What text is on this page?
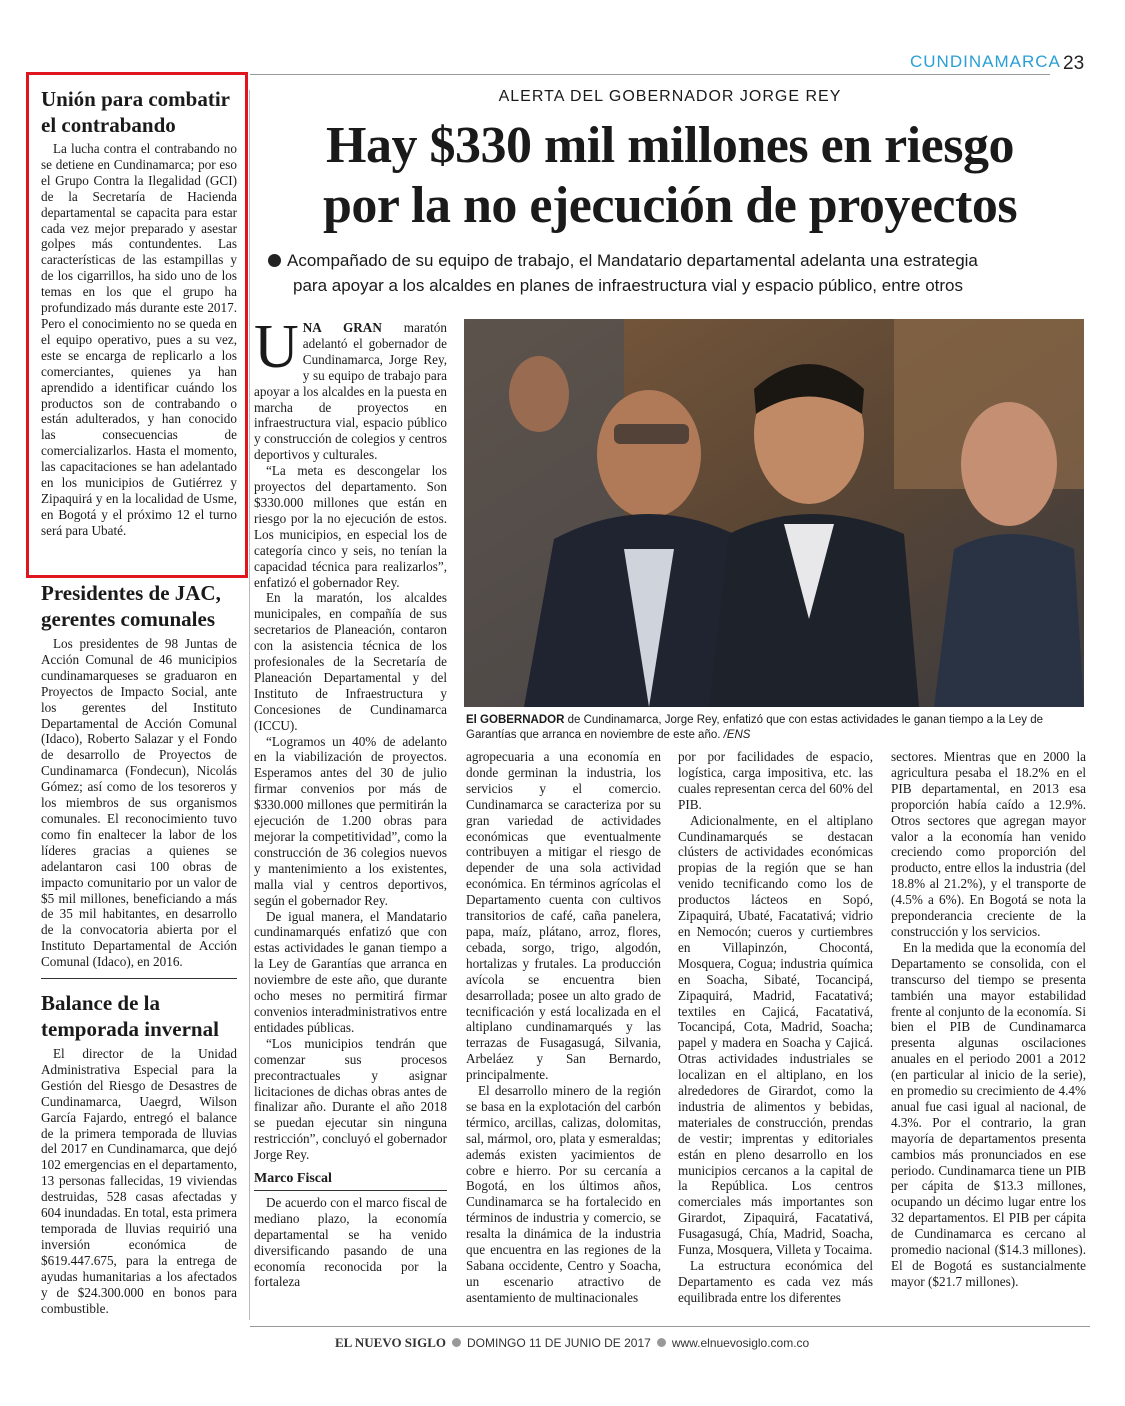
CUNDINAMARCA 23
Unión para combatir el contrabando

La lucha contra el contrabando no se detiene en Cundinamarca; por eso el Grupo Contra la Ilegalidad (GCI) de la Secretaría de Hacienda departamental se capacita para estar cada vez mejor preparado y asestar golpes más contundentes. Las características de las estampillas y de los cigarrillos, ha sido uno de los temas en los que el grupo ha profundizado más durante este 2017. Pero el conocimiento no se queda en el equipo operativo, pues a su vez, este se encarga de replicarlo a los comerciantes, quienes ya han aprendido a identificar cuándo los productos son de contrabando o están adulterados, y han conocido las consecuencias de comercializarlos. Hasta el momento, las capacitaciones se han adelantado en los municipios de Gutiérrez y Zipaquirá y en la localidad de Usme, en Bogotá y el próximo 12 el turno será para Ubaté.

Presidentes de JAC, gerentes comunales

Los presidentes de 98 Juntas de Acción Comunal de 46 municipios cundinamarqueses se graduaron en Proyectos de Impacto Social, ante los gerentes del Instituto Departamental de Acción Comunal (Idaco), Roberto Salazar y el Fondo de desarrollo de Proyectos de Cundinamarca (Fondecun), Nicolás Gómez; así como de los tesoreros y los miembros de sus organismos comunales. El reconocimiento tuvo como fin enaltecer la labor de los líderes gracias a quienes se adelantaron casi 100 obras de impacto comunitario por un valor de $5 mil millones, beneficiando a más de 35 mil habitantes, en desarrollo de la convocatoria abierta por el Instituto Departamental de Acción Comunal (Idaco), en 2016.

Balance de la temporada invernal

El director de la Unidad Administrativa Especial para la Gestión del Riesgo de Desastres de Cundinamarca, Uaegrd, Wilson García Fajardo, entregó el balance de la primera temporada de lluvias del 2017 en Cundinamarca, que dejó 102 emergencias en el departamento, 13 personas fallecidas, 19 viviendas destruidas, 528 casas afectadas y 604 inundadas. En total, esta primera temporada de lluvias requirió una inversión económica de $619.447.675, para la entrega de ayudas humanitarias a los afectados y de $24.300.000 en bonos para combustible.

ALERTA DEL GOBERNADOR JORGE REY
Hay $330 mil millones en riesgo
por la no ejecución de proyectos
Acompañado de su equipo de trabajo, el Mandatario departamental adelanta una estrategia
para apoyar a los alcaldes en planes de infraestructura vial y espacio público, entre otros

UNA GRAN maratón adelantó el gobernador de Cundinamarca, Jorge Rey, y su equipo de trabajo para apoyar a los alcaldes en la puesta en marcha de proyectos en infraestructura vial, espacio público y construcción de colegios y centros deportivos y culturales.

“La meta es descongelar los proyectos del departamento. Son $330.000 millones que están en riesgo por la no ejecución de estos. Los municipios, en especial los de categoría cinco y seis, no tenían la capacidad técnica para realizarlos”, enfatizó el gobernador Rey.

En la maratón, los alcaldes municipales, en compañía de sus secretarios de Planeación, contaron con la asistencia técnica de los profesionales de la Secretaría de Planeación Departamental y del Instituto de Infraestructura y Concesiones de Cundinamarca (ICCU).

“Logramos un 40% de adelanto en la viabilización de proyectos. Esperamos antes del 30 de julio firmar convenios por más de $330.000 millones que permitirán la ejecución de 1.200 obras para mejorar la competitividad”, como la construcción de 36 colegios nuevos y mantenimiento a los existentes, malla vial y centros deportivos, según el gobernador Rey.

De igual manera, el Mandatario cundinamarqués enfatizó que con estas actividades le ganan tiempo a la Ley de Garantías que arranca en noviembre de este año, que durante ocho meses no permitirá firmar convenios interadministrativos entre entidades públicas.

“Los municipios tendrán que comenzar sus procesos precontractuales y asignar licitaciones de dichas obras antes de finalizar año. Durante el año 2018 se puedan ejecutar sin ninguna restricción”, concluyó el gobernador Jorge Rey.

Marco Fiscal

De acuerdo con el marco fiscal de mediano plazo, la economía departamental se ha venido diversificando pasando de una economía reconocida por la fortaleza

El GOBERNADOR de Cundinamarca, Jorge Rey, enfatizó que con estas actividades le ganan tiempo a la Ley de Garantías que arranca en noviembre de este año. /ENS

agropecuaria a una economía en donde germinan la industria, los servicios y el comercio. Cundinamarca se caracteriza por su gran variedad de actividades económicas que eventualmente contribuyen a mitigar el riesgo de depender de una sola actividad económica. En términos agrícolas el Departamento cuenta con cultivos transitorios de café, caña panelera, papa, maíz, plátano, arroz, flores, cebada, sorgo, trigo, algodón, hortalizas y frutales. La producción avícola se encuentra bien desarrollada; posee un alto grado de tecnificación y está localizada en el altiplano cundinamarqués y las terrazas de Fusagasugá, Silvania, Arbeláez y San Bernardo, principalmente.

El desarrollo minero de la región se basa en la explotación del carbón térmico, arcillas, calizas, dolomitas, sal, mármol, oro, plata y esmeraldas; además existen yacimientos de cobre e hierro. Por su cercanía a Bogotá, en los últimos años, Cundinamarca se ha fortalecido en términos de industria y comercio, se resalta la dinámica de la industria que encuentra en las regiones de la Sabana occidente, Centro y Soacha, un escenario atractivo de asentamiento de multinacionales

por por facilidades de espacio, logística, carga impositiva, etc. las cuales representan cerca del 60% del PIB.

Adicionalmente, en el altiplano Cundinamarqués se destacan clústers de actividades económicas propias de la región que se han venido tecnificando como los de productos lácteos en Sopó, Zipaquirá, Ubaté, Facatativá; vidrio en Nemocón; cueros y curtiembres en Villapinzón, Chocontá, Mosquera, Cogua; industria química en Soacha, Sibaté, Tocancipá, Zipaquirá, Madrid, Facatativá; textiles en Cajicá, Facatativá, Tocancipá, Cota, Madrid, Soacha; papel y madera en Soacha y Cajicá. Otras actividades industriales se localizan en el altiplano, en los alrededores de Girardot, como la industria de alimentos y bebidas, materiales de construcción, prendas de vestir; imprentas y editoriales están en pleno desarrollo en los municipios cercanos a la capital de la República. Los centros comerciales más importantes son Girardot, Zipaquirá, Facatativá, Fusagasugá, Chía, Madrid, Soacha, Funza, Mosquera, Villeta y Tocaima.

La estructura económica del Departamento es cada vez más equilibrada entre los diferentes

sectores. Mientras que en 2000 la agricultura pesaba el 18.2% en el PIB departamental, en 2013 esa proporción había caído a 12.9%. Otros sectores que agregan mayor valor a la economía han venido creciendo como proporción del producto, entre ellos la industria (del 18.8% al 21.2%), y el transporte de (4.5% a 6%). En Bogotá se nota la preponderancia creciente de la construcción y los servicios.

En la medida que la economía del Departamento se consolida, con el transcurso del tiempo se presenta también una mayor estabilidad frente al conjunto de la economía. Si bien el PIB de Cundinamarca presenta algunas oscilaciones anuales en el periodo 2001 a 2012 (en particular al inicio de la serie), en promedio su crecimiento de 4.4% anual fue casi igual al nacional, de 4.3%. Por el contrario, la gran mayoría de departamentos presenta cambios más pronunciados en ese periodo. Cundinamarca tiene un PIB per cápita de $13.3 millones, ocupando un décimo lugar entre los 32 departamentos. El PIB per cápita de Cundinamarca es cercano al promedio nacional ($14.3 millones). El de Bogotá es sustancialmente mayor ($21.7 millones).

EL NUEVO SIGLO DOMINGO 11 DE JUNIO DE 2017 www.elnuevosiglo.com.co
